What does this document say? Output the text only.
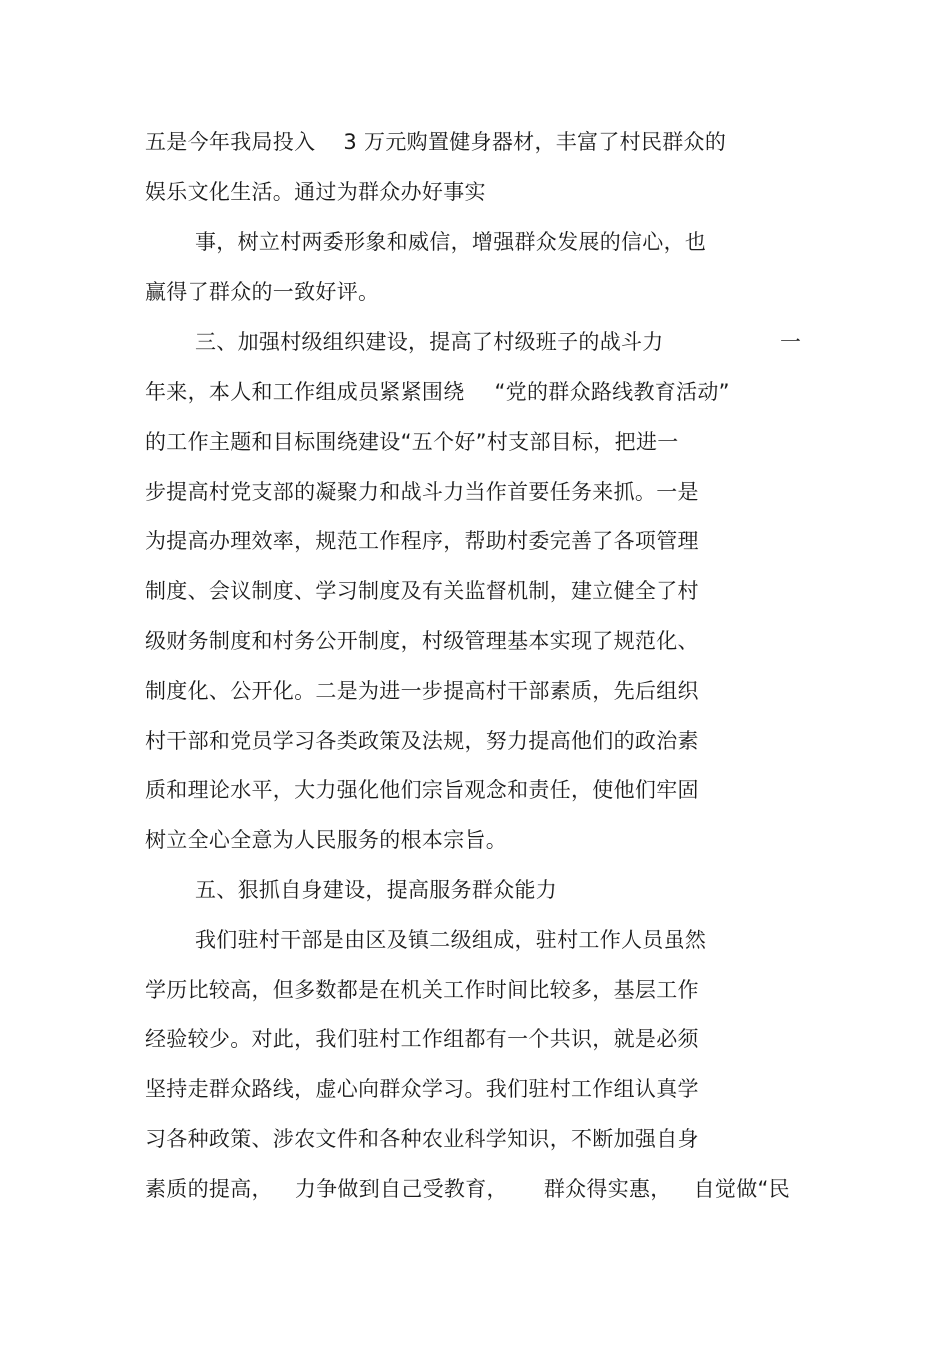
五是今年我局投入 3 万元购置健身器材，丰富了村民群众的
娱乐文化生活。通过为群众办好事实
事，树立村两委形象和威信，增强群众发展的信心，也
赢得了群众的一致好评。
三、加强村级组织建设，提高了村级班子的战斗力	一
年来，本人和工作组成员紧紧围绕 “党的群众路线教育活动”
的工作主题和目标围绕建设“五个好”村支部目标，把进一
步提高村党支部的凝聚力和战斗力当作首要任务来抓。一是
为提高办理效率，规范工作程序，帮助村委完善了各项管理
制度、会议制度、学习制度及有关监督机制，建立健全了村
级财务制度和村务公开制度，村级管理基本实现了规范化、
制度化、公开化。二是为进一步提高村干部素质，先后组织
村干部和党员学习各类政策及法规，努力提高他们的政治素
质和理论水平，大力强化他们宗旨观念和责任，使他们牢固
树立全心全意为人民服务的根本宗旨。
五、狠抓自身建设，提高服务群众能力
我们驻村干部是由区及镇二级组成，驻村工作人员虽然
学历比较高，但多数都是在机关工作时间比较多，基层工作
经验较少。对此，我们驻村工作组都有一个共识，就是必须
坚持走群众路线，虚心向群众学习。我们驻村工作组认真学
习各种政策、涉农文件和各种农业科学知识，不断加强自身
素质的提高， 力争做到自己受教育， 群众得实惠， 自觉做“民
